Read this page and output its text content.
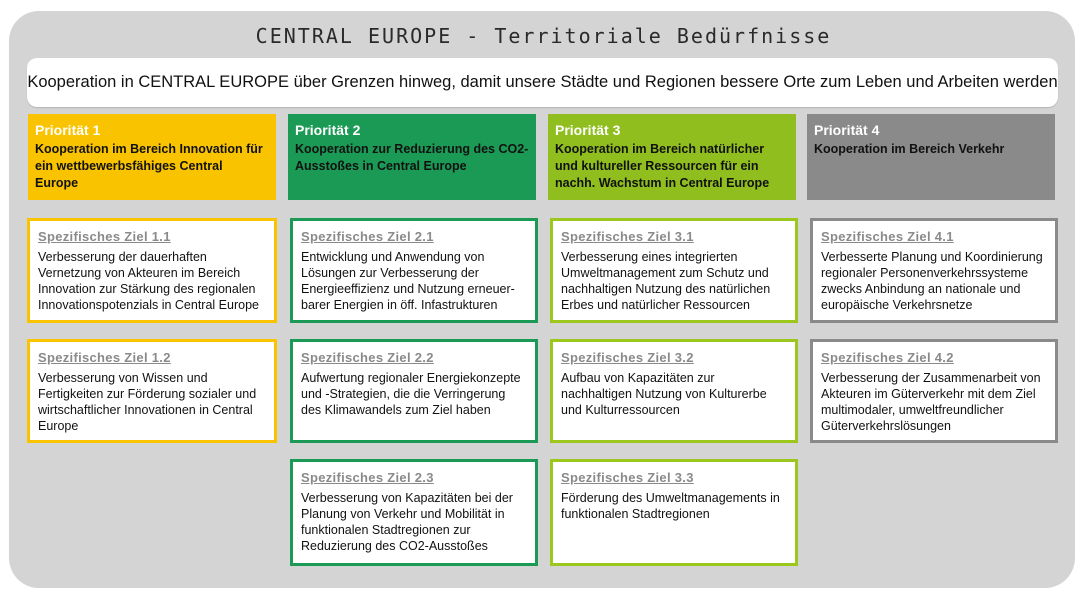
CENTRAL EUROPE - Territoriale Bedürfnisse
Kooperation in CENTRAL EUROPE über Grenzen hinweg, damit unsere Städte und Regionen bessere Orte zum Leben und Arbeiten werden
Priorität 1
Kooperation im Bereich Innovation für ein wettbewerbsfähiges Central Europe
Priorität 2
Kooperation zur Reduzierung des CO2-Ausstoßes in Central Europe
Priorität 3
Kooperation im Bereich natürlicher und kultureller Ressourcen für ein nachh. Wachstum in Central Europe
Priorität 4
Kooperation im Bereich Verkehr
Spezifisches Ziel 1.1
Verbesserung der dauerhaften Vernetzung von Akteuren im Bereich Innovation zur Stärkung des regionalen Innovationspotenzials in Central Europe
Spezifisches Ziel 1.2
Verbesserung von Wissen und Fertigkeiten zur Förderung sozialer und wirtschaftlicher Innovationen in Central Europe
Spezifisches Ziel 2.1
Entwicklung und Anwendung von Lösungen zur Verbesserung der Energieeffizienz und Nutzung erneuer-barer Energien in öff. Infastrukturen
Spezifisches Ziel 2.2
Aufwertung regionaler Energiekonzepte und -Strategien, die die Verringerung des Klimawandels zum Ziel haben
Spezifisches Ziel 2.3
Verbesserung von Kapazitäten bei der Planung von Verkehr und Mobilität in funktionalen Stadtregionen zur Reduzierung des CO2-Ausstoßes
Spezifisches Ziel 3.1
Verbesserung eines integrierten Umweltmanagement zum Schutz und nachhaltigen Nutzung des natürlichen Erbes und natürlicher Ressourcen
Spezifisches Ziel 3.2
Aufbau von Kapazitäten zur nachhaltigen Nutzung von Kulturerbe und Kulturressourcen
Spezifisches Ziel 3.3
Förderung des Umweltmanagements in funktionalen Stadtregionen
Spezifisches Ziel 4.1
Verbesserte Planung und Koordinierung regionaler Personenverkehrssysteme zwecks Anbindung an nationale und europäische Verkehrsnetze
Spezifisches Ziel 4.2
Verbesserung der Zusammenarbeit von Akteuren im Güterverkehr mit dem Ziel multimodaler, umweltfreundlicher Güterverkehrslösungen
